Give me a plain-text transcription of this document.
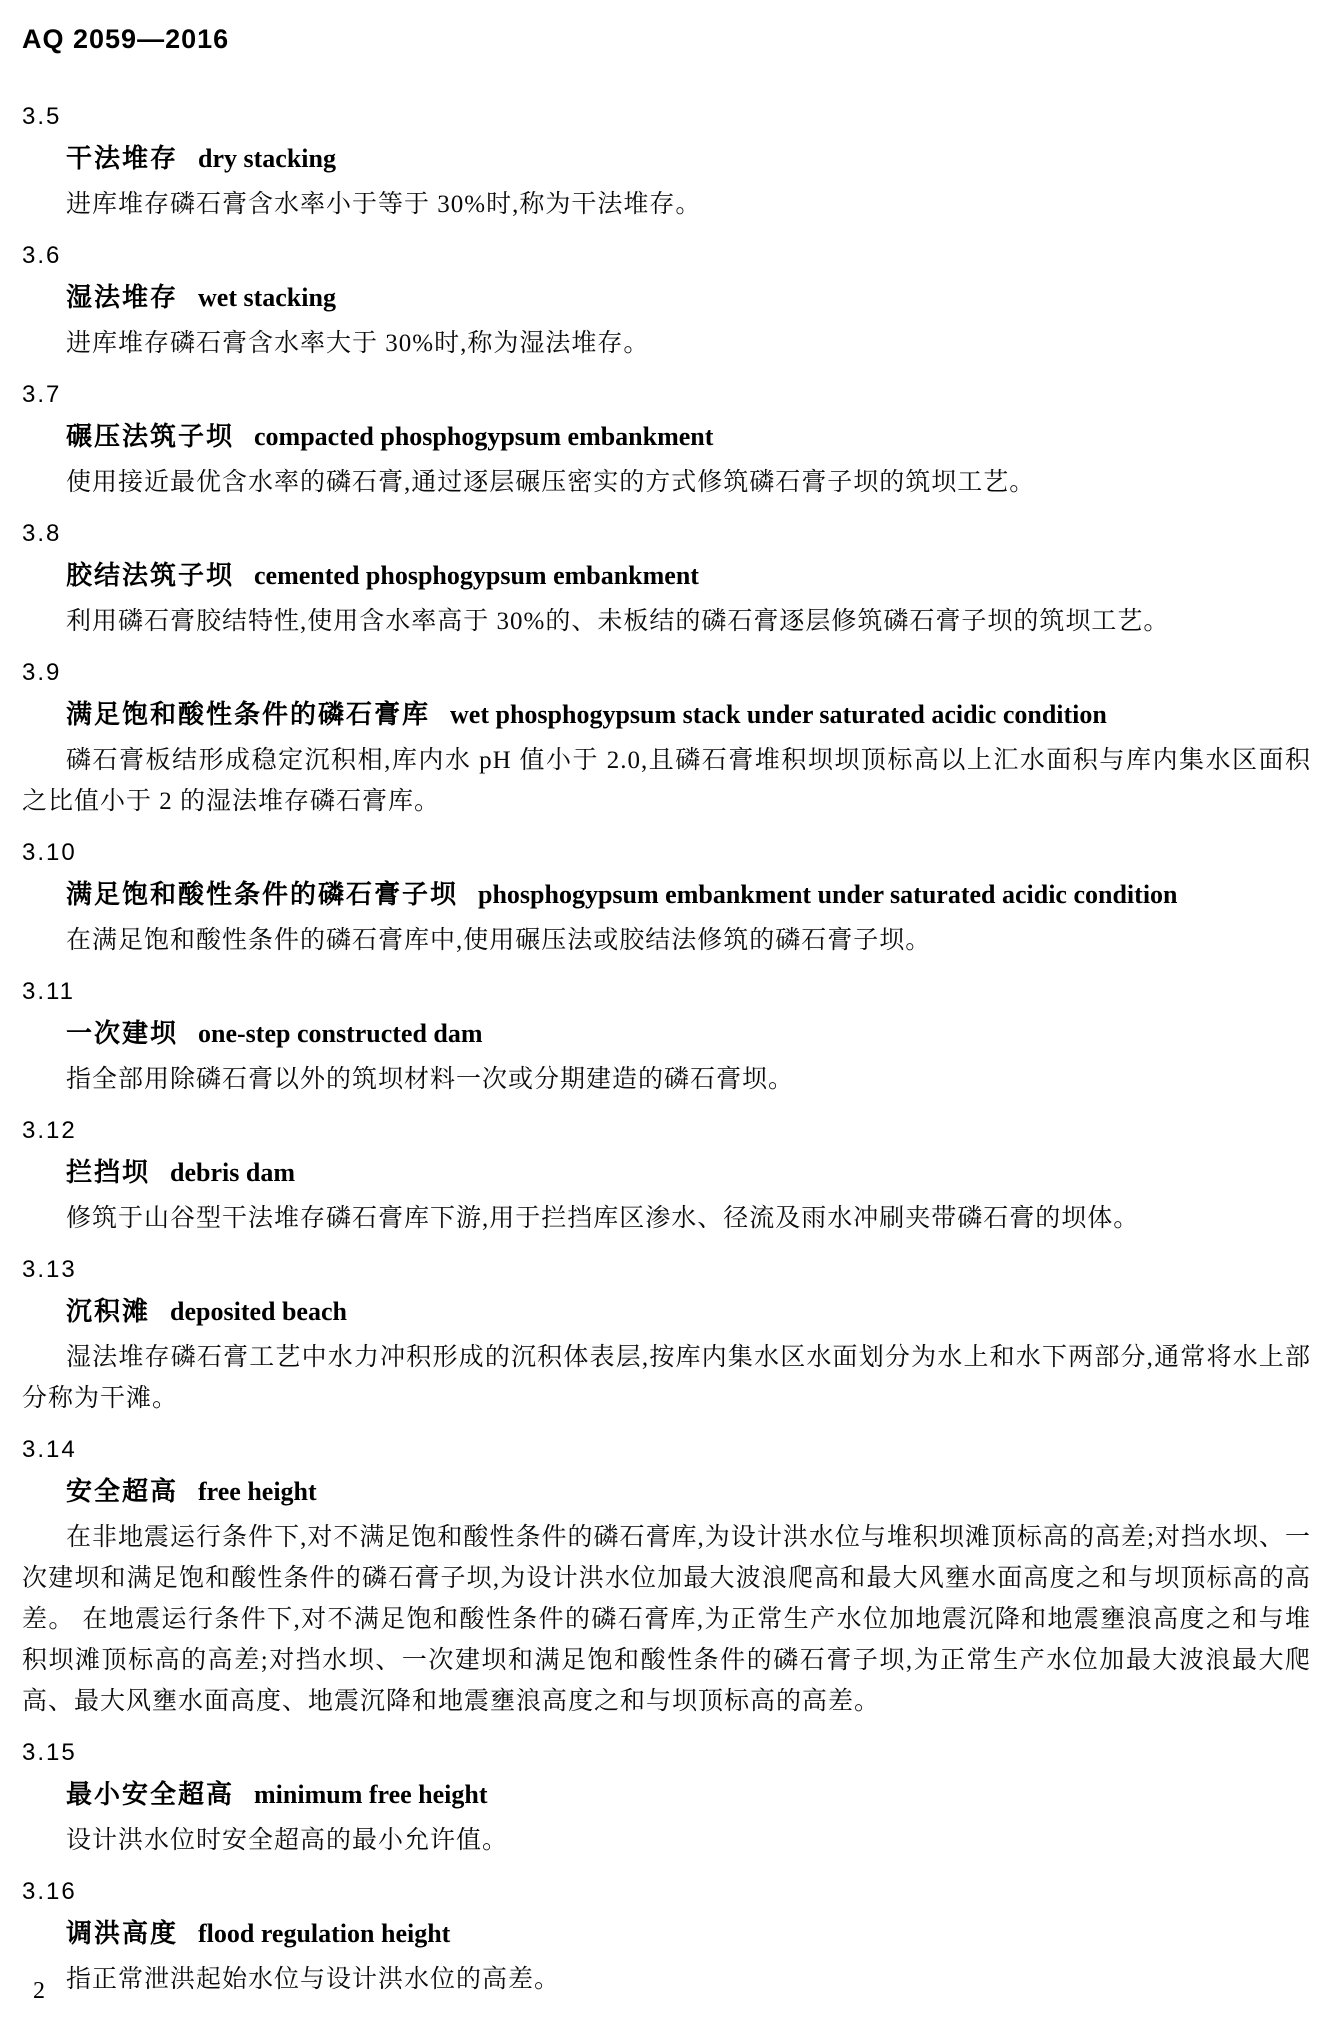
AQ 2059—2016
3.5
干法堆存 dry stacking

进库堆存磷石膏含水率小于等于 30%时,称为干法堆存。

3.6
湿法堆存 wet stacking

进库堆存磷石膏含水率大于 30%时,称为湿法堆存。

3.7
碾压法筑子坝 compacted phosphogypsum embankment

使用接近最优含水率的磷石膏,通过逐层碾压密实的方式修筑磷石膏子坝的筑坝工艺。

3.8
胶结法筑子坝 cemented phosphogypsum embankment

利用磷石膏胶结特性,使用含水率高于 30%的、未板结的磷石膏逐层修筑磷石膏子坝的筑坝工艺。

3.9
满足饱和酸性条件的磷石膏库 wet phosphogypsum stack under saturated acidic condition

磷石膏板结形成稳定沉积相,库内水 pH 值小于 2.0,且磷石膏堆积坝坝顶标高以上汇水面积与库内集水区面积之比值小于 2 的湿法堆存磷石膏库。

3.10
满足饱和酸性条件的磷石膏子坝 phosphogypsum embankment under saturated acidic condition

在满足饱和酸性条件的磷石膏库中,使用碾压法或胶结法修筑的磷石膏子坝。

3.11
一次建坝 one-step constructed dam

指全部用除磷石膏以外的筑坝材料一次或分期建造的磷石膏坝。

3.12
拦挡坝 debris dam

修筑于山谷型干法堆存磷石膏库下游,用于拦挡库区渗水、径流及雨水冲刷夹带磷石膏的坝体。

3.13
沉积滩 deposited beach

湿法堆存磷石膏工艺中水力冲积形成的沉积体表层,按库内集水区水面划分为水上和水下两部分,通常将水上部分称为干滩。

3.14
安全超高 free height

在非地震运行条件下,对不满足饱和酸性条件的磷石膏库,为设计洪水位与堆积坝滩顶标高的高差;对挡水坝、一次建坝和满足饱和酸性条件的磷石膏子坝,为设计洪水位加最大波浪爬高和最大风壅水面高度之和与坝顶标高的高差。 在地震运行条件下,对不满足饱和酸性条件的磷石膏库,为正常生产水位加地震沉降和地震壅浪高度之和与堆积坝滩顶标高的高差;对挡水坝、一次建坝和满足饱和酸性条件的磷石膏子坝,为正常生产水位加最大波浪最大爬高、最大风壅水面高度、地震沉降和地震壅浪高度之和与坝顶标高的高差。

3.15
最小安全超高 minimum free height

设计洪水位时安全超高的最小允许值。

3.16
调洪高度 flood regulation height

指正常泄洪起始水位与设计洪水位的高差。

2
